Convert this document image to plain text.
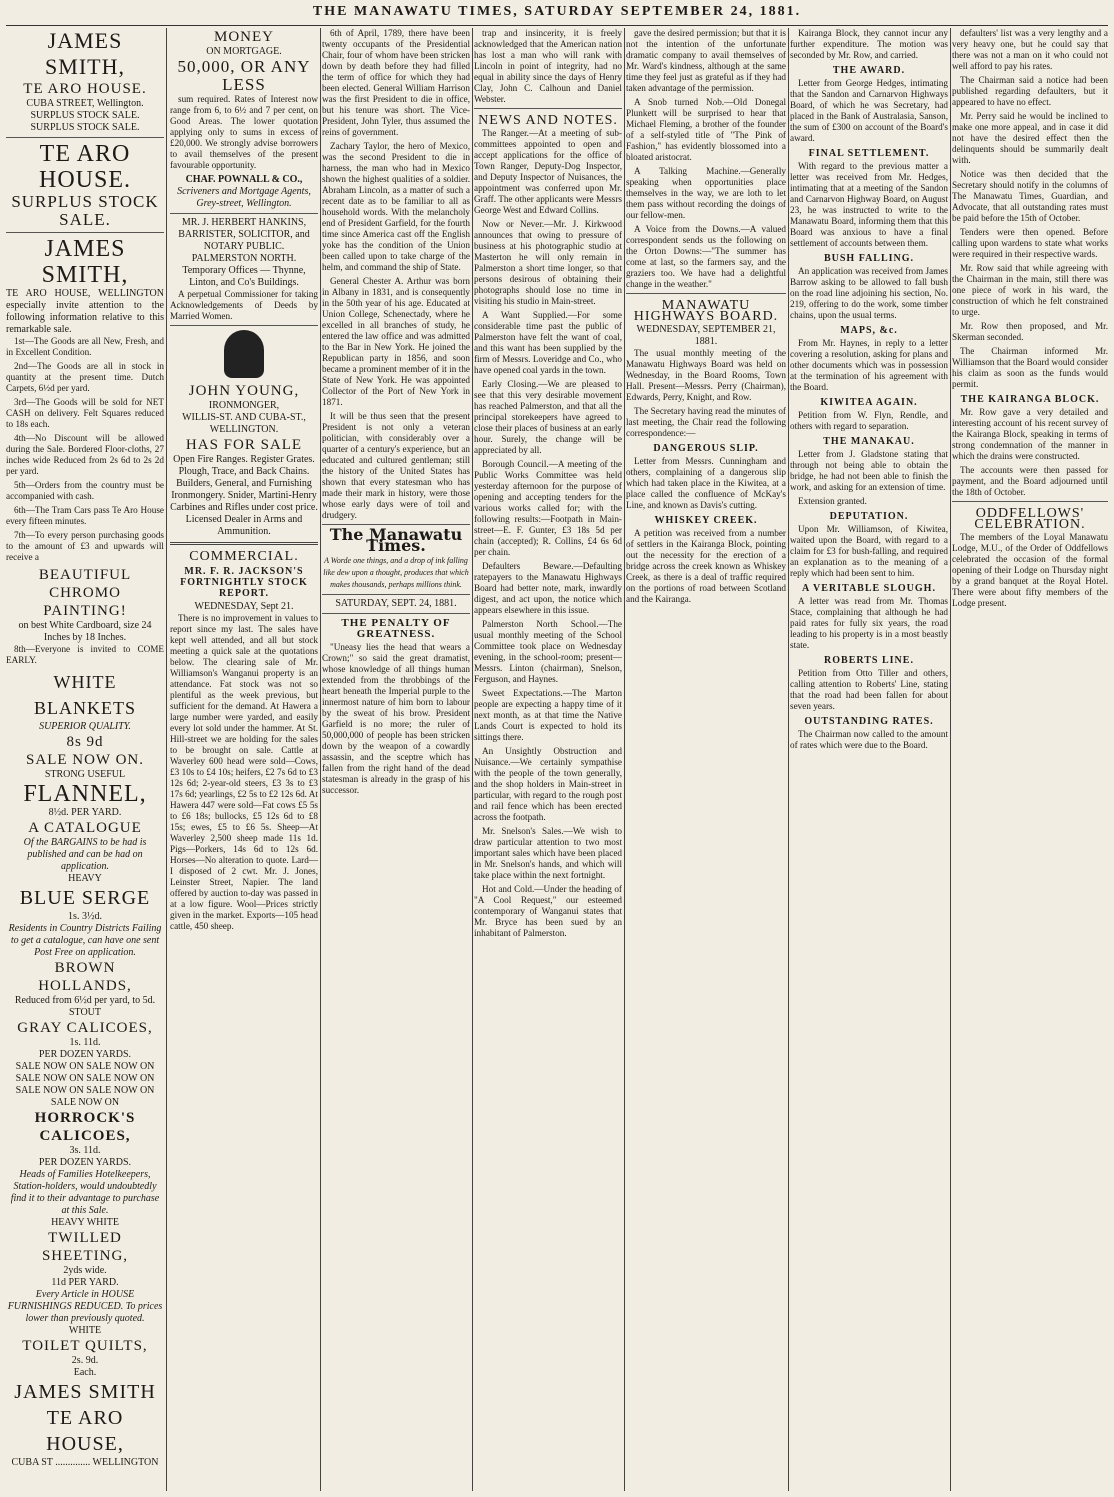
THE MANAWATU TIMES, SATURDAY SEPTEMBER 24, 1881.
JAMES SMITH,
TE ARO HOUSE.
CUBA STREET, Wellington.
SURPLUS STOCK SALE.
SURPLUS STOCK SALE.
TE ARO HOUSE.
SURPLUS STOCK SALE.
JAMES SMITH,
TE ARO HOUSE, WELLINGTON especially invite attention to the following information relative to this remarkable sale.

1st—The Goods are all New, Fresh, and in Excellent Condition.

2nd—The Goods are all in stock in quantity at the present time. Dutch Carpets, 6½d per yard.

3rd—The Goods will be sold for NET CASH on delivery. Felt Squares reduced to 18s each.

4th—No Discount will be allowed during the Sale. Bordered Floor-cloths, 27 inches wide Reduced from 2s 6d to 2s 2d per yard.

5th—Orders from the country must be accompanied with cash.

6th—The Tram Cars pass Te Aro House every fifteen minutes.

7th—To every person purchasing goods to the amount of £3 and upwards will receive a

BEAUTIFUL
CHROMO PAINTING!
on best White Cardboard, size 24 Inches by 18 Inches.

8th—Everyone is invited to COME EARLY.

WHITE BLANKETS
SUPERIOR QUALITY.
8s 9d
SALE NOW ON.
STRONG USEFUL
FLANNEL,
8½d. PER YARD.
A CATALOGUE
Of the BARGAINS to be had is published and can be had on application.
HEAVY
BLUE SERGE
1s. 3½d.
Residents in Country Districts Failing to get a catalogue, can have one sent Post Free on application.
BROWN HOLLANDS,
Reduced from 6½d per yard, to 5d.
STOUT
GRAY CALICOES,
1s. 11d.
PER DOZEN YARDS.
SALE NOW ON SALE NOW ON SALE NOW ON SALE NOW ON SALE NOW ON SALE NOW ON SALE NOW ON
HORROCK'S CALICOES,
3s. 11d.
PER DOZEN YARDS.
Heads of Families Hotelkeepers, Station-holders, would undoubtedly find it to their advantage to purchase at this Sale.
HEAVY WHITE
TWILLED SHEETING,
2yds wide.
11d PER YARD.
Every Article in HOUSE FURNISHINGS REDUCED. To prices lower than previously quoted.
WHITE
TOILET QUILTS,
2s. 9d.
Each.
JAMES SMITH
TE ARO HOUSE,
CUBA ST .............. WELLINGTON
MONEY
ON MORTGAGE.
50,000, OR ANY LESS

sum required. Rates of Interest now range from 6, to 6½ and 7 per cent, on Good Areas. The lower quotation applying only to sums in excess of £20,000. We strongly advise borrowers to avail themselves of the present favourable opportunity.

CHAF. POWNALL & CO.,
Scriveners and Mortgage Agents, Grey-street, Wellington.
MR. J. HERBERT HANKINS,
BARRISTER, SOLICITOR, and NOTARY PUBLIC.
PALMERSTON NORTH.
Temporary Offices — Thynne, Linton, and Co's Buildings.

A perpetual Commissioner for taking Acknowledgements of Deeds by Married Women.

JOHN YOUNG,
IRONMONGER,
WILLIS-ST. AND CUBA-ST., WELLINGTON.
HAS FOR SALE
Open Fire Ranges. Register Grates. Plough, Trace, and Back Chains. Builders, General, and Furnishing Ironmongery. Snider, Martini-Henry Carbines and Rifles under cost price. Licensed Dealer in Arms and Ammunition.
COMMERCIAL.
MR. F. R. JACKSON'S FORTNIGHTLY STOCK REPORT.
WEDNESDAY, Sept 21.

There is no improvement in values to report since my last. The sales have kept well attended, and all but stock meeting a quick sale at the quotations below. The clearing sale of Mr. Williamson's Wanganui property is an attendance. Fat stock was not so plentiful as the week previous, but sufficient for the demand. At Hawera a large number were yarded, and easily every lot sold under the hammer. At St. Hill-street we are holding for the sales to be brought on sale. Cattle at Waverley 600 head were sold—Cows, £3 10s to £4 10s; heifers, £2 7s 6d to £3 12s 6d; 2-year-old steers, £3 3s to £3 17s 6d; yearlings, £2 5s to £2 12s 6d. At Hawera 447 were sold—Fat cows £5 5s to £6 18s; bullocks, £5 12s 6d to £8 15s; ewes, £5 to £6 5s. Sheep—At Waverley 2,500 sheep made 11s 1d. Pigs—Porkers, 14s 6d to 12s 6d. Horses—No alteration to quote. Lard—I disposed of 2 cwt. Mr. J. Jones, Leinster Street, Napier. The land offered by auction to-day was passed in at a low figure. Wool—Prices strictly given in the market. Exports—105 head cattle, 450 sheep.

6th of April, 1789, there have been twenty occupants of the Presidential Chair, four of whom have been stricken down by death before they had filled the term of office for which they had been elected. General William Harrison was the first President to die in office, but his tenure was short. The Vice-President, John Tyler, thus assumed the reins of government.

Zachary Taylor, the hero of Mexico, was the second President to die in harness, the man who had in Mexico shown the highest qualities of a soldier. Abraham Lincoln, as a matter of such a recent date as to be familiar to all as household words. With the melancholy end of President Garfield, for the fourth time since America cast off the English yoke has the condition of the Union been called upon to take charge of the helm, and command the ship of State.

General Chester A. Arthur was born in Albany in 1831, and is consequently in the 50th year of his age. Educated at Union College, Schenectady, where he excelled in all branches of study, he entered the law office and was admitted to the Bar in New York. He joined the Republican party in 1856, and soon became a prominent member of it in the State of New York. He was appointed Collector of the Port of New York in 1871.

It will be thus seen that the present President is not only a veteran politician, with considerably over a quarter of a century's experience, but an educated and cultured gentleman; still the history of the United States has shown that every statesman who has made their mark in history, were those whose early days were of toil and drudgery.

The Manawatu Times.
A Worde one things, and a drop of ink falling like dew upon a thought, produces that which makes thousands, perhaps millions think.
SATURDAY, SEPT. 24, 1881.
THE PENALTY OF GREATNESS.

"Uneasy lies the head that wears a Crown;" so said the great dramatist, whose knowledge of all things human extended from the throbbings of the heart beneath the Imperial purple to the innermost nature of him born to labour by the sweat of his brow. President Garfield is no more; the ruler of 50,000,000 of people has been stricken down by the weapon of a cowardly assassin, and the sceptre which has fallen from the right hand of the dead statesman is already in the grasp of his successor.

trap and insincerity, it is freely acknowledged that the American nation has lost a man who will rank with Lincoln in point of integrity, had no equal in ability since the days of Henry Clay, John C. Calhoun and Daniel Webster.

NEWS AND NOTES.

The Ranger.—At a meeting of sub-committees appointed to open and accept applications for the office of Town Ranger, Deputy-Dog Inspector, and Deputy Inspector of Nuisances, the appointment was conferred upon Mr. Graff. The other applicants were Messrs George West and Edward Collins.

Now or Never.—Mr. J. Kirkwood announces that owing to pressure of business at his photographic studio at Masterton he will only remain in Palmerston a short time longer, so that persons desirous of obtaining their photographs should lose no time in visiting his studio in Main-street.

A Want Supplied.—For some considerable time past the public of Palmerston have felt the want of coal, and this want has been supplied by the firm of Messrs. Loveridge and Co., who have opened coal yards in the town.

Early Closing.—We are pleased to see that this very desirable movement has reached Palmerston, and that all the principal storekeepers have agreed to close their places of business at an early hour. Surely, the change will be appreciated by all.

Borough Council.—A meeting of the Public Works Committee was held yesterday afternoon for the purpose of opening and accepting tenders for the various works called for; with the following results:—Footpath in Main-street—E. F. Gunter, £3 18s 5d per chain (accepted); R. Collins, £4 6s 6d per chain.

Defaulters Beware.—Defaulting ratepayers to the Manawatu Highways Board had better note, mark, inwardly digest, and act upon, the notice which appears elsewhere in this issue.

Palmerston North School.—The usual monthly meeting of the School Committee took place on Wednesday evening, in the school-room; present—Messrs. Linton (chairman), Snelson, Ferguson, and Haynes.

Sweet Expectations.—The Marton people are expecting a happy time of it next month, as at that time the Native Lands Court is expected to hold its sittings there.

An Unsightly Obstruction and Nuisance.—We certainly sympathise with the people of the town generally, and the shop holders in Main-street in particular, with regard to the rough post and rail fence which has been erected across the footpath.

Mr. Snelson's Sales.—We wish to draw particular attention to two most important sales which have been placed in Mr. Snelson's hands, and which will take place within the next fortnight.

Hot and Cold.—Under the heading of "A Cool Request," our esteemed contemporary of Wanganui states that Mr. Bryce has been sued by an inhabitant of Palmerston.

gave the desired permission; but that it is not the intention of the unfortunate dramatic company to avail themselves of Mr. Ward's kindness, although at the same time they feel just as grateful as if they had taken advantage of the permission.

A Snob turned Nob.—Old Donegal Plunkett will be surprised to hear that Michael Fleming, a brother of the founder of a self-styled title of "The Pink of Fashion," has evidently blossomed into a bloated aristocrat.

A Talking Machine.—Generally speaking when opportunities place themselves in the way, we are loth to let them pass without recording the doings of our fellow-men.

A Voice from the Downs.—A valued correspondent sends us the following on the Orton Downs:—"The summer has come at last, so the farmers say, and the graziers too. We have had a delightful change in the weather."

MANAWATU HIGHWAYS BOARD.
WEDNESDAY, SEPTEMBER 21, 1881.

The usual monthly meeting of the Manawatu Highways Board was held on Wednesday, in the Board Rooms, Town Hall. Present—Messrs. Perry (Chairman), Edwards, Perry, Knight, and Row.

The Secretary having read the minutes of last meeting, the Chair read the following correspondence:—

DANGEROUS SLIP.

Letter from Messrs. Cunningham and others, complaining of a dangerous slip which had taken place in the Kiwitea, at a place called the confluence of McKay's Line, and known as Davis's cutting.

WHISKEY CREEK.

A petition was received from a number of settlers in the Kairanga Block, pointing out the necessity for the erection of a bridge across the creek known as Whiskey Creek, as there is a deal of traffic required on the portions of road between Scotland and the Kairanga.

Kairanga Block, they cannot incur any further expenditure. The motion was seconded by Mr. Row, and carried.

THE AWARD.

Letter from George Hedges, intimating that the Sandon and Carnarvon Highways Board, of which he was Secretary, had placed in the Bank of Australasia, Sanson, the sum of £300 on account of the Board's award.

FINAL SETTLEMENT.

With regard to the previous matter a letter was received from Mr. Hedges, intimating that at a meeting of the Sandon and Carnarvon Highway Board, on August 23, he was instructed to write to the Manawatu Board, informing them that this Board was anxious to have a final settlement of accounts between them.

BUSH FALLING.

An application was received from James Barrow asking to be allowed to fall bush on the road line adjoining his section, No. 219, offering to do the work, some timber chains, upon the usual terms.

MAPS, &c.

From Mr. Haynes, in reply to a letter covering a resolution, asking for plans and other documents which was in possession at the termination of his agreement with the Board.

KIWITEA AGAIN.

Petition from W. Flyn, Rendle, and others with regard to separation.

THE MANAKAU.

Letter from J. Gladstone stating that through not being able to obtain the bridge, he had not been able to finish the work, and asking for an extension of time.

Extension granted.

DEPUTATION.

Upon Mr. Williamson, of Kiwitea, waited upon the Board, with regard to a claim for £3 for bush-falling, and required an explanation as to the meaning of a reply which had been sent to him.

A VERITABLE SLOUGH.

A letter was read from Mr. Thomas Stace, complaining that although he had paid rates for fully six years, the road leading to his property is in a most beastly state.

ROBERTS LINE.

Petition from Otto Tiller and others, calling attention to Roberts' Line, stating that the road had been fallen for about seven years.

OUTSTANDING RATES.

The Chairman now called to the amount of rates which were due to the Board.

defaulters' list was a very lengthy and a very heavy one, but he could say that there was not a man on it who could not well afford to pay his rates.

The Chairman said a notice had been published regarding defaulters, but it appeared to have no effect.

Mr. Perry said he would be inclined to make one more appeal, and in case it did not have the desired effect then the delinquents should be summarily dealt with.

Notice was then decided that the Secretary should notify in the columns of The Manawatu Times, Guardian, and Advocate, that all outstanding rates must be paid before the 15th of October.

Tenders were then opened. Before calling upon wardens to state what works were required in their respective wards.

Mr. Row said that while agreeing with the Chairman in the main, still there was one piece of work in his ward, the construction of which he felt constrained to urge.

Mr. Row then proposed, and Mr. Skerman seconded.

The Chairman informed Mr. Williamson that the Board would consider his claim as soon as the funds would permit.

THE KAIRANGA BLOCK.

Mr. Row gave a very detailed and interesting account of his recent survey of the Kairanga Block, speaking in terms of strong condemnation of the manner in which the drains were constructed.

The accounts were then passed for payment, and the Board adjourned until the 18th of October.

ODDFELLOWS' CELEBRATION.

The members of the Loyal Manawatu Lodge, M.U., of the Order of Oddfellows celebrated the occasion of the formal opening of their Lodge on Thursday night by a grand banquet at the Royal Hotel. There were about fifty members of the Lodge present.
